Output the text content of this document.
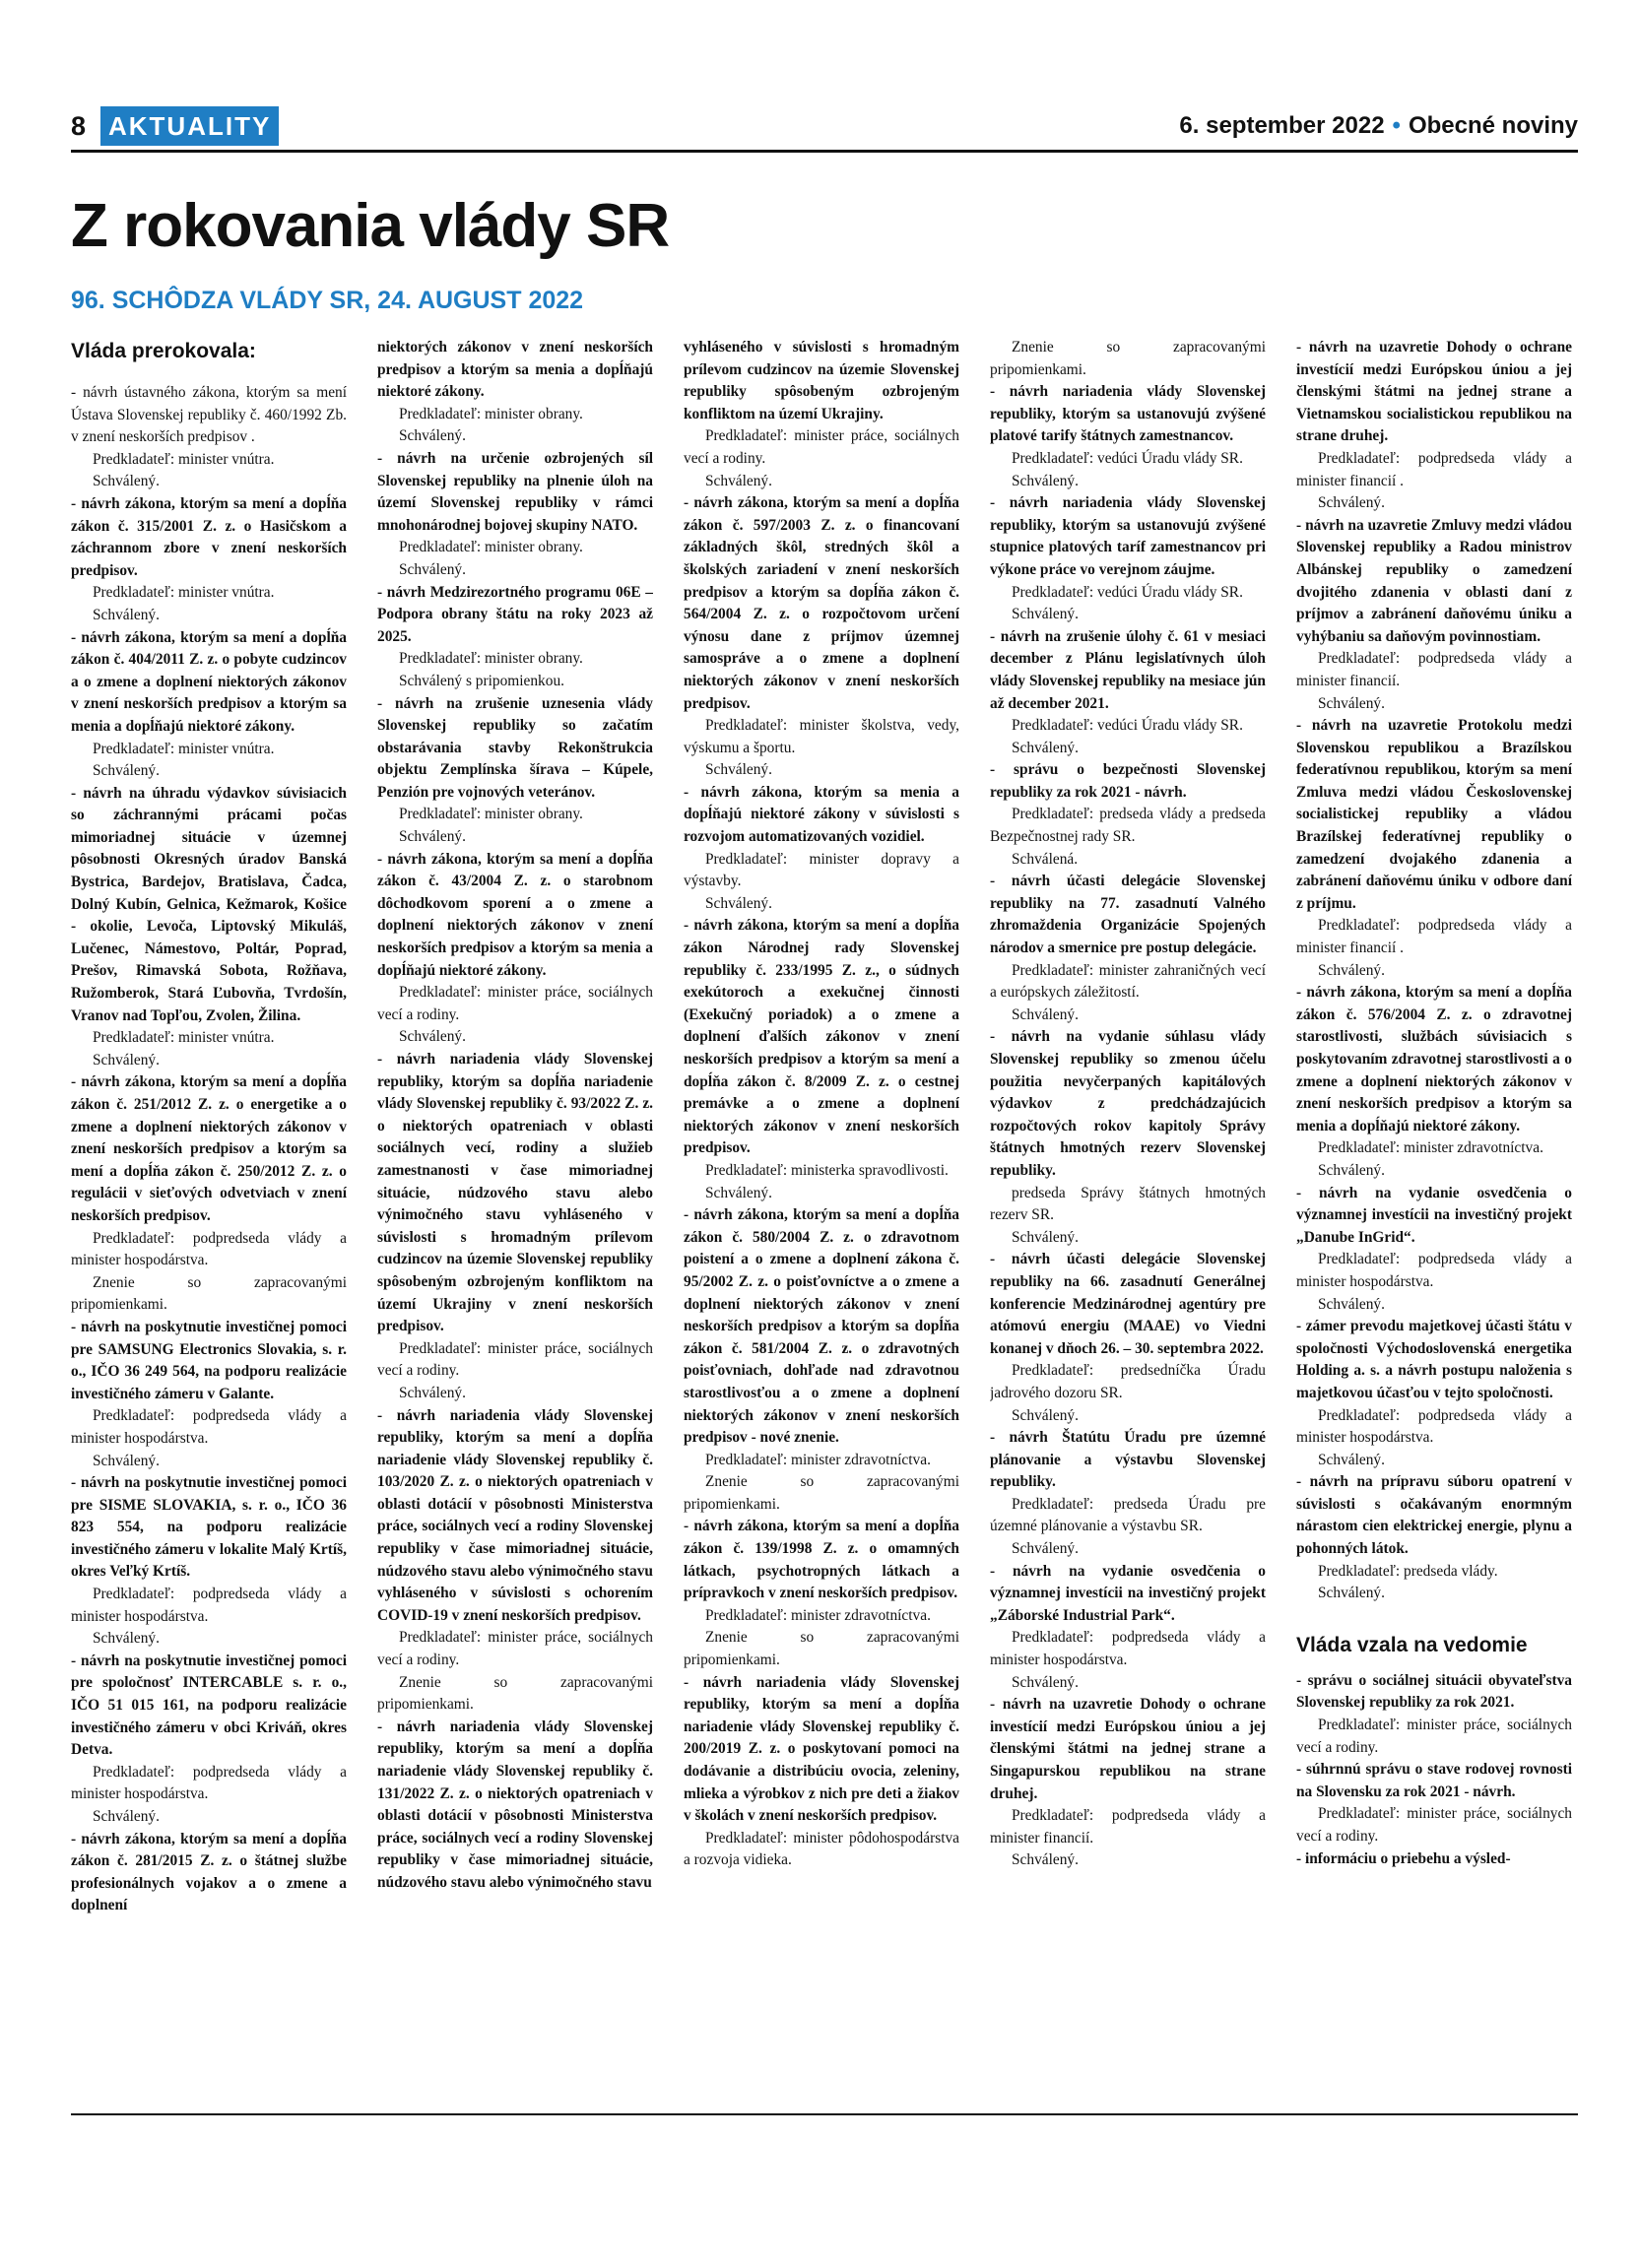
8 AKTUALITY	6. september 2022 • Obecné noviny
Z rokovania vlády SR
96. SCHÔDZA VLÁDY SR, 24. AUGUST 2022

Vláda prerokovala:

- návrh ústavného zákona, ktorým sa mení Ústava Slovenskej republiky č. 460/1992 Zb. v znení neskorších predpisov .

Predkladateľ: minister vnútra.

Schválený.

- návrh zákona, ktorým sa mení a dopĺňa zákon č. 315/2001 Z. z. o Hasičskom a záchrannom zbore v znení neskorších predpisov.

Predkladateľ: minister vnútra.

Schválený.

- návrh zákona, ktorým sa mení a dopĺňa zákon č. 404/2011 Z. z. o pobyte cudzincov a o zmene a doplnení niektorých zákonov v znení neskorších predpisov a ktorým sa menia a dopĺňajú niektoré zákony.

Predkladateľ: minister vnútra.

Schválený.

- návrh na úhradu výdavkov súvisiacich so záchrannými prácami počas mimoriadnej situácie v územnej pôsobnosti Okresných úradov Banská Bystrica, Bardejov, Bratislava, Čadca, Dolný Kubín, Gelnica, Kežmarok, Košice - okolie, Levoča, Liptovský Mikuláš, Lučenec, Námestovo, Poltár, Poprad, Prešov, Rimavská Sobota, Rožňava, Ružomberok, Stará Ľubovňa, Tvrdošín, Vranov nad Topľou, Zvolen, Žilina.

Predkladateľ: minister vnútra.

Schválený.

- návrh zákona, ktorým sa mení a dopĺňa zákon č. 251/2012 Z. z. o energetike a o zmene a doplnení niektorých zákonov v znení neskorších predpisov a ktorým sa mení a dopĺňa zákon č. 250/2012 Z. z. o regulácii v sieťových odvetviach v znení neskorších predpisov.

Predkladateľ: podpredseda vlády a minister hospodárstva.

Znenie so zapracovanými pripomienkami.

- návrh na poskytnutie investičnej pomoci pre SAMSUNG Electronics Slovakia, s. r. o., IČO 36 249 564, na podporu realizácie investičného zámeru v Galante.

Predkladateľ: podpredseda vlády a minister hospodárstva.

Schválený.

- návrh na poskytnutie investičnej pomoci pre SISME SLOVAKIA, s. r. o., IČO 36 823 554, na podporu realizácie investičného zámeru v lokalite Malý Krtíš, okres Veľký Krtíš.

Predkladateľ: podpredseda vlády a minister hospodárstva.

Schválený.

- návrh na poskytnutie investičnej pomoci pre spoločnosť INTERCABLE s. r. o., IČO 51 015 161, na podporu realizácie investičného zámeru v obci Kriváň, okres Detva.

Predkladateľ: podpredseda vlády a minister hospodárstva.

Schválený.

- návrh zákona, ktorým sa mení a dopĺňa zákon č. 281/2015 Z. z. o štátnej službe profesionálnych vojakov a o zmene a doplnení

niektorých zákonov v znení neskorších predpisov a ktorým sa menia a dopĺňajú niektoré zákony.

Predkladateľ: minister obrany.

Schválený.

- návrh na určenie ozbrojených síl Slovenskej republiky na plnenie úloh na území Slovenskej republiky v rámci mnohonárodnej bojovej skupiny NATO.

Predkladateľ: minister obrany.

Schválený.

- návrh Medzirezortného programu 06E – Podpora obrany štátu na roky 2023 až 2025.

Predkladateľ: minister obrany.

Schválený s pripomienkou.

- návrh na zrušenie uznesenia vlády Slovenskej republiky so začatím obstarávania stavby Rekonštrukcia objektu Zemplínska šírava – Kúpele, Penzión pre vojnových veteránov.

Predkladateľ: minister obrany.

Schválený.

- návrh zákona, ktorým sa mení a dopĺňa zákon č. 43/2004 Z. z. o starobnom dôchodkovom sporení a o zmene a doplnení niektorých zákonov v znení neskorších predpisov a ktorým sa menia a dopĺňajú niektoré zákony.

Predkladateľ: minister práce, sociálnych vecí a rodiny.

Schválený.

- návrh nariadenia vlády Slovenskej republiky, ktorým sa dopĺňa nariadenie vlády Slovenskej republiky č. 93/2022 Z. z. o niektorých opatreniach v oblasti sociálnych vecí, rodiny a služieb zamestnanosti v čase mimoriadnej situácie, núdzového stavu alebo výnimočného stavu vyhláseného v súvislosti s hromadným prílevom cudzincov na územie Slovenskej republiky spôsobeným ozbrojeným konfliktom na území Ukrajiny v znení neskorších predpisov.

Predkladateľ: minister práce, sociálnych vecí a rodiny.

Schválený.

- návrh nariadenia vlády Slovenskej republiky, ktorým sa mení a dopĺňa nariadenie vlády Slovenskej republiky č. 103/2020 Z. z. o niektorých opatreniach v oblasti dotácií v pôsobnosti Ministerstva práce, sociálnych vecí a rodiny Slovenskej republiky v čase mimoriadnej situácie, núdzového stavu alebo výnimočného stavu vyhláseného v súvislosti s ochorením COVID-19 v znení neskorších predpisov.

Predkladateľ: minister práce, sociálnych vecí a rodiny.

Znenie so zapracovanými pripomienkami.

- návrh nariadenia vlády Slovenskej republiky, ktorým sa mení a dopĺňa nariadenie vlády Slovenskej republiky č. 131/2022 Z. z. o niektorých opatreniach v oblasti dotácií v pôsobnosti Ministerstva práce, sociálnych vecí a rodiny Slovenskej republiky v čase mimoriadnej situácie, núdzového stavu alebo výnimočného stavu

vyhláseného v súvislosti s hromadným prílevom cudzincov na územie Slovenskej republiky spôsobeným ozbrojeným konfliktom na území Ukrajiny.

Predkladateľ: minister práce, sociálnych vecí a rodiny.

Schválený.

- návrh zákona, ktorým sa mení a dopĺňa zákon č. 597/2003 Z. z. o financovaní základných škôl, stredných škôl a školských zariadení v znení neskorších predpisov a ktorým sa dopĺňa zákon č. 564/2004 Z. z. o rozpočtovom určení výnosu dane z príjmov územnej samospráve a o zmene a doplnení niektorých zákonov v znení neskorších predpisov.

Predkladateľ: minister školstva, vedy, výskumu a športu.

Schválený.

- návrh zákona, ktorým sa menia a dopĺňajú niektoré zákony v súvislosti s rozvojom automatizovaných vozidiel.

Predkladateľ: minister dopravy a výstavby.

Schválený.

- návrh zákona, ktorým sa mení a dopĺňa zákon Národnej rady Slovenskej republiky č. 233/1995 Z. z., o súdnych exekútoroch a exekučnej činnosti (Exekučný poriadok) a o zmene a doplnení ďalších zákonov v znení neskorších predpisov a ktorým sa mení a dopĺňa zákon č. 8/2009 Z. z. o cestnej premávke a o zmene a doplnení niektorých zákonov v znení neskorších predpisov.

Predkladateľ: ministerka spravodlivosti.

Schválený.

- návrh zákona, ktorým sa mení a dopĺňa zákon č. 580/2004 Z. z. o zdravotnom poistení a o zmene a doplnení zákona č. 95/2002 Z. z. o poisťovníctve a o zmene a doplnení niektorých zákonov v znení neskorších predpisov a ktorým sa dopĺňa zákon č. 581/2004 Z. z. o zdravotných poisťovniach, dohľade nad zdravotnou starostlivosťou a o zmene a doplnení niektorých zákonov v znení neskorších predpisov - nové znenie.

Predkladateľ: minister zdravotníctva.

Znenie so zapracovanými pripomienkami.

- návrh zákona, ktorým sa mení a dopĺňa zákon č. 139/1998 Z. z. o omamných látkach, psychotropných látkach a prípravkoch v znení neskorších predpisov.

Predkladateľ: minister zdravotníctva.

Znenie so zapracovanými pripomienkami.

- návrh nariadenia vlády Slovenskej republiky, ktorým sa mení a dopĺňa nariadenie vlády Slovenskej republiky č. 200/2019 Z. z. o poskytovaní pomoci na dodávanie a distribúciu ovocia, zeleniny, mlieka a výrobkov z nich pre deti a žiakov v školách v znení neskorších predpisov.

Predkladateľ: minister pôdohospodárstva a rozvoja vidieka.

Znenie so zapracovanými pripomienkami.

- návrh nariadenia vlády Slovenskej republiky, ktorým sa ustanovujú zvýšené platové tarify štátnych zamestnancov.

Predkladateľ: vedúci Úradu vlády SR.

Schválený.

- návrh nariadenia vlády Slovenskej republiky, ktorým sa ustanovujú zvýšené stupnice platových taríf zamestnancov pri výkone práce vo verejnom záujme.

Predkladateľ: vedúci Úradu vlády SR.

Schválený.

- návrh na zrušenie úlohy č. 61 v mesiaci december z Plánu legislatívnych úloh vlády Slovenskej republiky na mesiace jún až december 2021.

Predkladateľ: vedúci Úradu vlády SR.

Schválený.

- správu o bezpečnosti Slovenskej republiky za rok 2021 - návrh.

Predkladateľ: predseda vlády a predseda Bezpečnostnej rady SR.

Schválená.

- návrh účasti delegácie Slovenskej republiky na 77. zasadnutí Valného zhromaždenia Organizácie Spojených národov a smernice pre postup delegácie.

Predkladateľ: minister zahraničných vecí a európskych záležitostí.

Schválený.

- návrh na vydanie súhlasu vlády Slovenskej republiky so zmenou účelu použitia nevyčerpaných kapitálových výdavkov z predchádzajúcich rozpočtových rokov kapitoly Správy štátnych hmotných rezerv Slovenskej republiky.

predseda Správy štátnych hmotných rezerv SR.

Schválený.

- návrh účasti delegácie Slovenskej republiky na 66. zasadnutí Generálnej konferencie Medzinárodnej agentúry pre atómovú energiu (MAAE) vo Viedni konanej v dňoch 26. – 30. septembra 2022.

Predkladateľ: predsedníčka Úradu jadrového dozoru SR.

Schválený.

- návrh Štatútu Úradu pre územné plánovanie a výstavbu Slovenskej republiky.

Predkladateľ: predseda Úradu pre územné plánovanie a výstavbu SR.

Schválený.

- návrh na vydanie osvedčenia o významnej investícii na investičný projekt „Záborské Industrial Park“.

Predkladateľ: podpredseda vlády a minister hospodárstva.

Schválený.

- návrh na uzavretie Dohody o ochrane investícií medzi Európskou úniou a jej členskými štátmi na jednej strane a Singapurskou republikou na strane druhej.

Predkladateľ: podpredseda vlády a minister financií.

Schválený.

- návrh na uzavretie Dohody o ochrane investícií medzi Európskou úniou a jej členskými štátmi na jednej strane a Vietnamskou socialistickou republikou na strane druhej.

Predkladateľ: podpredseda vlády a minister financií .

Schválený.

- návrh na uzavretie Zmluvy medzi vládou Slovenskej republiky a Radou ministrov Albánskej republiky o zamedzení dvojitého zdanenia v oblasti daní z príjmov a zabránení daňovému úniku a vyhýbaniu sa daňovým povinnostiam.

Predkladateľ: podpredseda vlády a minister financií.

Schválený.

- návrh na uzavretie Protokolu medzi Slovenskou republikou a Brazílskou federatívnou republikou, ktorým sa mení Zmluva medzi vládou Československej socialistickej republiky a vládou Brazílskej federatívnej republiky o zamedzení dvojakého zdanenia a zabránení daňovému úniku v odbore daní z príjmu.

Predkladateľ: podpredseda vlády a minister financií .

Schválený.

- návrh zákona, ktorým sa mení a dopĺňa zákon č. 576/2004 Z. z. o zdravotnej starostlivosti, službách súvisiacich s poskytovaním zdravotnej starostlivosti a o zmene a doplnení niektorých zákonov v znení neskorších predpisov a ktorým sa menia a dopĺňajú niektoré zákony.

Predkladateľ: minister zdravotníctva.

Schválený.

- návrh na vydanie osvedčenia o významnej investícii na investičný projekt „Danube InGrid“.

Predkladateľ: podpredseda vlády a minister hospodárstva.

Schválený.

- zámer prevodu majetkovej účasti štátu v spoločnosti Východoslovenská energetika Holding a. s. a návrh postupu naloženia s majetkovou účasťou v tejto spoločnosti.

Predkladateľ: podpredseda vlády a minister hospodárstva.

Schválený.

- návrh na prípravu súboru opatrení v súvislosti s očakávaným enormným nárastom cien elektrickej energie, plynu a pohonných látok.

Predkladateľ: predseda vlády.

Schválený.

Vláda vzala na vedomie

- správu o sociálnej situácii obyvateľstva Slovenskej republiky za rok 2021.

Predkladateľ: minister práce, sociálnych vecí a rodiny.

- súhrnnú správu o stave rodovej rovnosti na Slovensku za rok 2021 - návrh.

Predkladateľ: minister práce, sociálnych vecí a rodiny.

- informáciu o priebehu a výsled-
